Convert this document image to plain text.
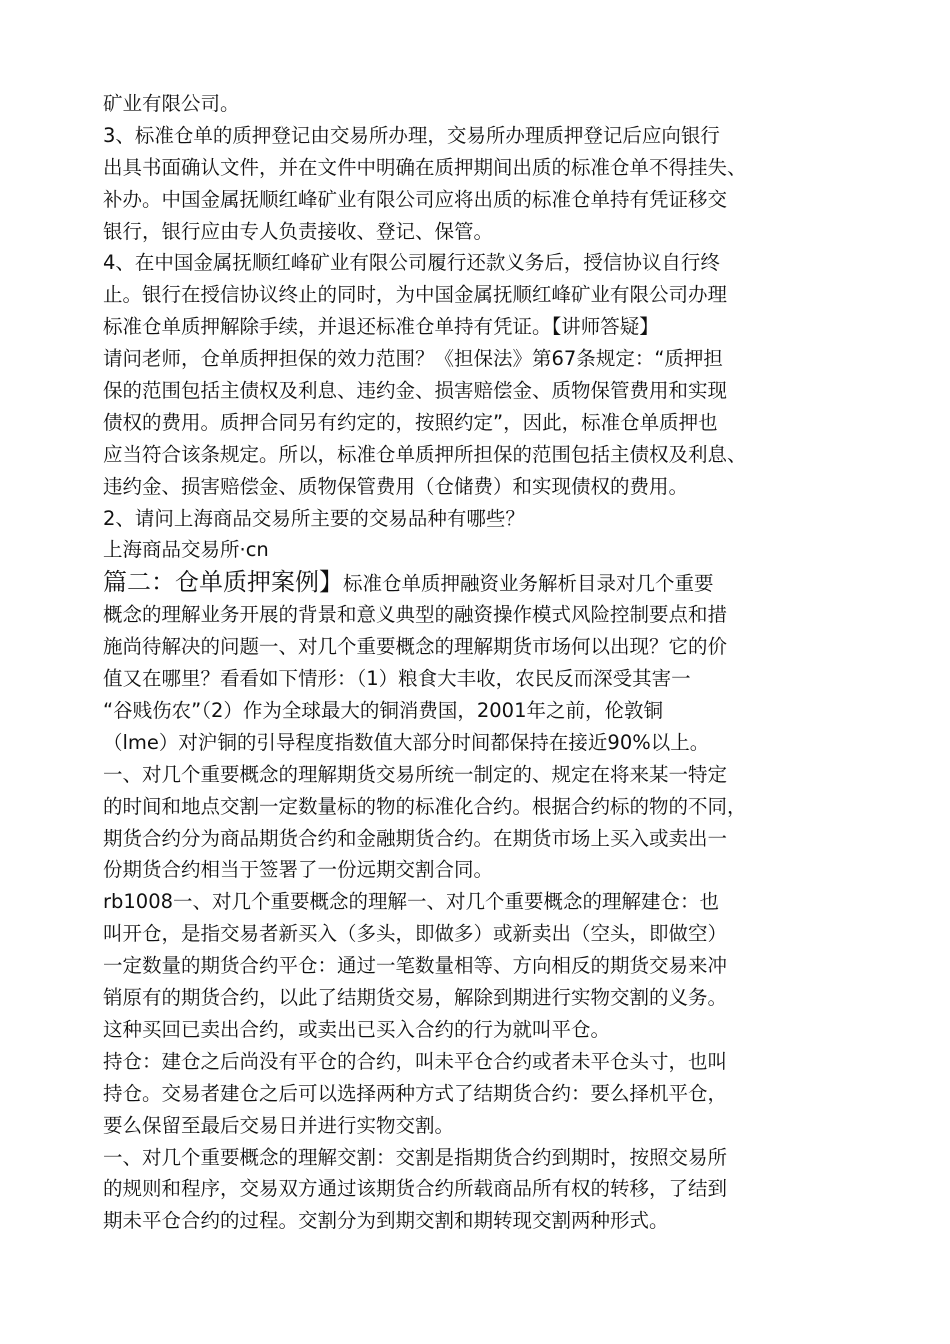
矿业有限公司。
3、标准仓单的质押登记由交易所办理，交易所办理质押登记后应向银行
出具书面确认文件，并在文件中明确在质押期间出质的标准仓单不得挂失、
补办。中国金属抚顺红峰矿业有限公司应将出质的标准仓单持有凭证移交
银行，银行应由专人负责接收、登记、保管。
4、在中国金属抚顺红峰矿业有限公司履行还款义务后，授信协议自行终
止。银行在授信协议终止的同时，为中国金属抚顺红峰矿业有限公司办理
标准仓单质押解除手续，并退还标准仓单持有凭证。【讲师答疑】
请问老师，仓单质押担保的效力范围？《担保法》第67条规定：“质押担
保的范围包括主债权及利息、违约金、损害赔偿金、质物保管费用和实现
债权的费用。质押合同另有约定的，按照约定”，因此，标准仓单质押也
应当符合该条规定。所以，标准仓单质押所担保的范围包括主债权及利息、
违约金、损害赔偿金、质物保管费用（仓储费）和实现债权的费用。
2、请问上海商品交易所主要的交易品种有哪些？
上海商品交易所·cn
篇二：仓单质押案例】标准仓单质押融资业务解析目录对几个重要
概念的理解业务开展的背景和意义典型的融资操作模式风险控制要点和措
施尚待解决的问题一、对几个重要概念的理解期货市场何以出现？它的价
值又在哪里？看看如下情形：（1）粮食大丰收，农民反而深受其害一
“谷贱伤农”（2）作为全球最大的铜消费国，2001年之前，伦敦铜
（lme）对沪铜的引导程度指数值大部分时间都保持在接近90%以上。
一、对几个重要概念的理解期货交易所统一制定的、规定在将来某一特定
的时间和地点交割一定数量标的物的标准化合约。根据合约标的物的不同，
期货合约分为商品期货合约和金融期货合约。在期货市场上买入或卖出一
份期货合约相当于签署了一份远期交割合同。
rb1008一、对几个重要概念的理解一、对几个重要概念的理解建仓：也
叫开仓，是指交易者新买入（多头，即做多）或新卖出（空头，即做空）
一定数量的期货合约平仓：通过一笔数量相等、方向相反的期货交易来冲
销原有的期货合约，以此了结期货交易，解除到期进行实物交割的义务。
这种买回已卖出合约，或卖出已买入合约的行为就叫平仓。
持仓：建仓之后尚没有平仓的合约，叫未平仓合约或者未平仓头寸，也叫
持仓。交易者建仓之后可以选择两种方式了结期货合约：要么择机平仓，
要么保留至最后交易日并进行实物交割。
一、对几个重要概念的理解交割：交割是指期货合约到期时，按照交易所
的规则和程序，交易双方通过该期货合约所载商品所有权的转移，了结到
期未平仓合约的过程。交割分为到期交割和期转现交割两种形式。
